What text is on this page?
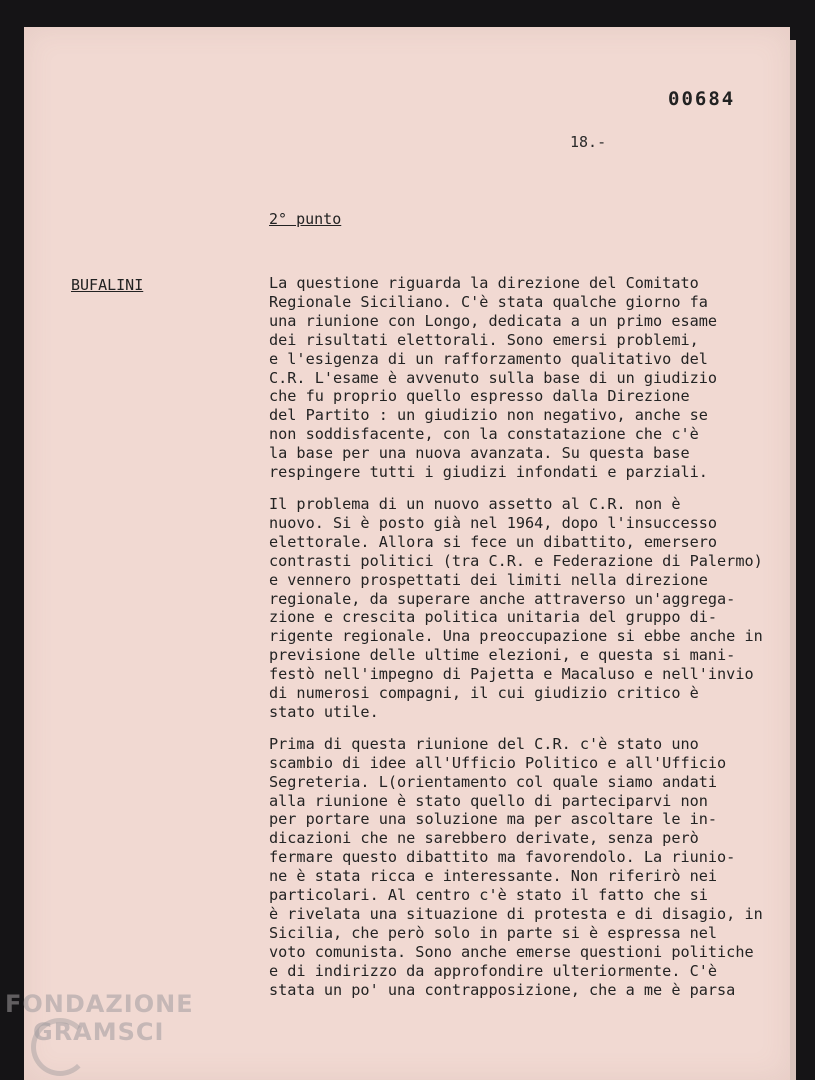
00684
18.-
2° punto
BUFALINI	La questione riguarda la direzione del Comitato
Regionale Siciliano. C'è stata qualche giorno fa
una riunione con Longo, dedicata a un primo esame
dei risultati elettorali. Sono emersi problemi,
e l'esigenza di un rafforzamento qualitativo del
C.R. L'esame è avvenuto sulla base di un giudizio
che fu proprio quello espresso dalla Direzione
del Partito : un giudizio non negativo, anche se
non soddisfacente, con la constatazione che c'è
la base per una nuova avanzata. Su questa base
respingere tutti i giudizi infondati e parziali.
Il problema di un nuovo assetto al C.R. non è
nuovo. Si è posto già nel 1964, dopo l'insuccesso
elettorale. Allora si fece un dibattito, emersero
contrasti politici (tra C.R. e Federazione di Palermo)
e vennero prospettati dei limiti nella direzione
regionale, da superare anche attraverso un'aggrega-
zione e crescita politica unitaria del gruppo di-
rigente regionale. Una preoccupazione si ebbe anche in
previsione delle ultime elezioni, e questa si mani-
festò nell'impegno di Pajetta e Macaluso e nell'invio
di numerosi compagni, il cui giudizio critico è
stato utile.
Prima di questa riunione del C.R. c'è stato uno
scambio di idee all'Ufficio Politico e all'Ufficio
Segreteria. L(orientamento col quale siamo andati
alla riunione è stato quello di parteciparvi non
per portare una soluzione ma per ascoltare le in-
dicazioni che ne sarebbero derivate, senza però
fermare questo dibattito ma favorendolo. La riunio-
ne è stata ricca e interessante. Non riferirò nei
particolari. Al centro c'è stato il fatto che si
è rivelata una situazione di protesta e di disagio, in
Sicilia, che però solo in parte si è espressa nel
voto comunista. Sono anche emerse questioni politiche
e di indirizzo da approfondire ulteriormente. C'è
stata un po' una contrapposizione, che a me è parsa
FONDAZIONE
GRAMSCI
